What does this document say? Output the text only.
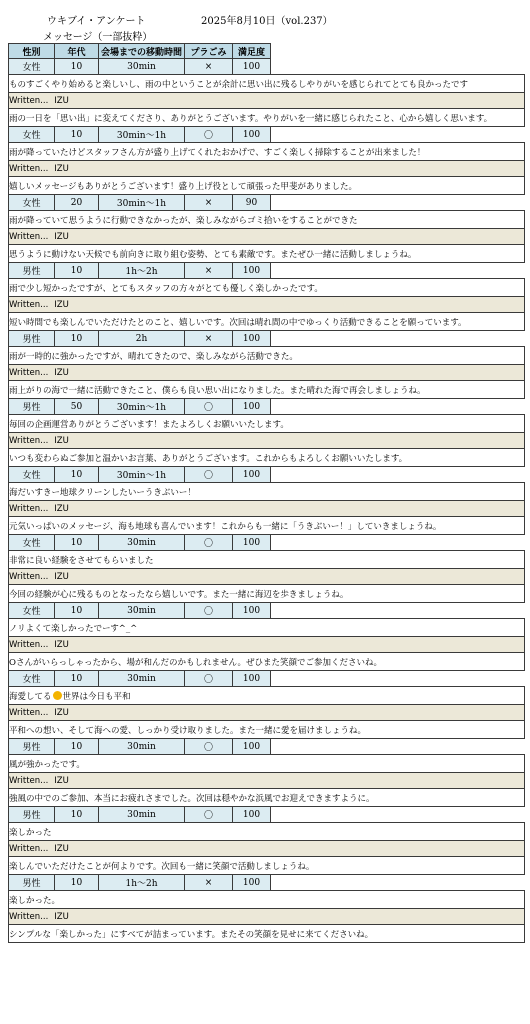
ウキブイ・アンケート	2025年8月10日（vol.237）
メッセージ（一部抜粋）
性別	年代	会場までの移動時間	プラごみ	満足度	
女性	10	30min	×	100	
ものすごくやり始めると楽しいし、雨の中ということが余計に思い出に残るしやりがいを感じられてとても良かったです					
Written... IZU					
雨の一日を「思い出」に変えてくださり、ありがとうございます。やりがいを一緒に感じられたこと、心から嬉しく思います。					
女性	10	30min〜1h	〇	100	
雨が降っていたけどスタッフさん方が盛り上げてくれたおかげで、すごく楽しく掃除することが出来ました！					
Written... IZU					
嬉しいメッセージもありがとうございます！盛り上げ役として頑張った甲斐がありました。					
女性	20	30min〜1h	×	90	
雨が降っていて思うように行動できなかったが、楽しみながらゴミ拾いをすることができた					
Written... IZU					
思うように動けない天候でも前向きに取り組む姿勢、とても素敵です。またぜひ一緒に活動しましょうね。					
男性	10	1h〜2h	×	100	
雨で少し短かったですが、とてもスタッフの方々がとても優しく楽しかったです。					
Written... IZU					
短い時間でも楽しんでいただけたとのこと、嬉しいです。次回は晴れ間の中でゆっくり活動できることを願っています。					
男性	10	2h	×	100	
雨が一時的に強かったですが、晴れてきたので、楽しみながら活動できた。					
Written... IZU					
雨上がりの海で一緒に活動できたこと、僕らも良い思い出になりました。また晴れた海で再会しましょうね。					
男性	50	30min〜1h	〇	100	
毎回の企画運営ありがとうございます！またよろしくお願いいたします。					
Written... IZU					
いつも変わらぬご参加と温かいお言葉、ありがとうございます。これからもよろしくお願いいたします。					
女性	10	30min〜1h	〇	100	
海だいすきー地球クリーンしたいーうきぶいー！					
Written... IZU					
元気いっぱいのメッセージ、海も地球も喜んでいます！これからも一緒に「うきぶいー！」していきましょうね。					
女性	10	30min	〇	100	
非常に良い経験をさせてもらいました					
Written... IZU					
今回の経験が心に残るものとなったなら嬉しいです。また一緒に海辺を歩きましょうね。					
女性	10	30min	〇	100	
ノリよくて楽しかったでーす^_^					
Written... IZU					
Oさんがいらっしゃったから、場が和んだのかもしれません。ぜひまた笑顔でご参加くださいね。					
女性	10	30min	〇	100	
海愛してる 世界は今日も平和					
Written... IZU					
平和への想い、そして海への愛、しっかり受け取りました。また一緒に愛を届けましょうね。					
男性	10	30min	〇	100	
風が強かったです。					
Written... IZU					
強風の中でのご参加、本当にお疲れさまでした。次回は穏やかな浜風でお迎えできますように。					
男性	10	30min	〇	100	
楽しかった					
Written... IZU					
楽しんでいただけたことが何よりです。次回も一緒に笑顔で活動しましょうね。					
男性	10	1h〜2h	×	100	
楽しかった。					
Written... IZU					
シンプルな「楽しかった」にすべてが詰まっています。またその笑顔を見せに来てくださいね。					
